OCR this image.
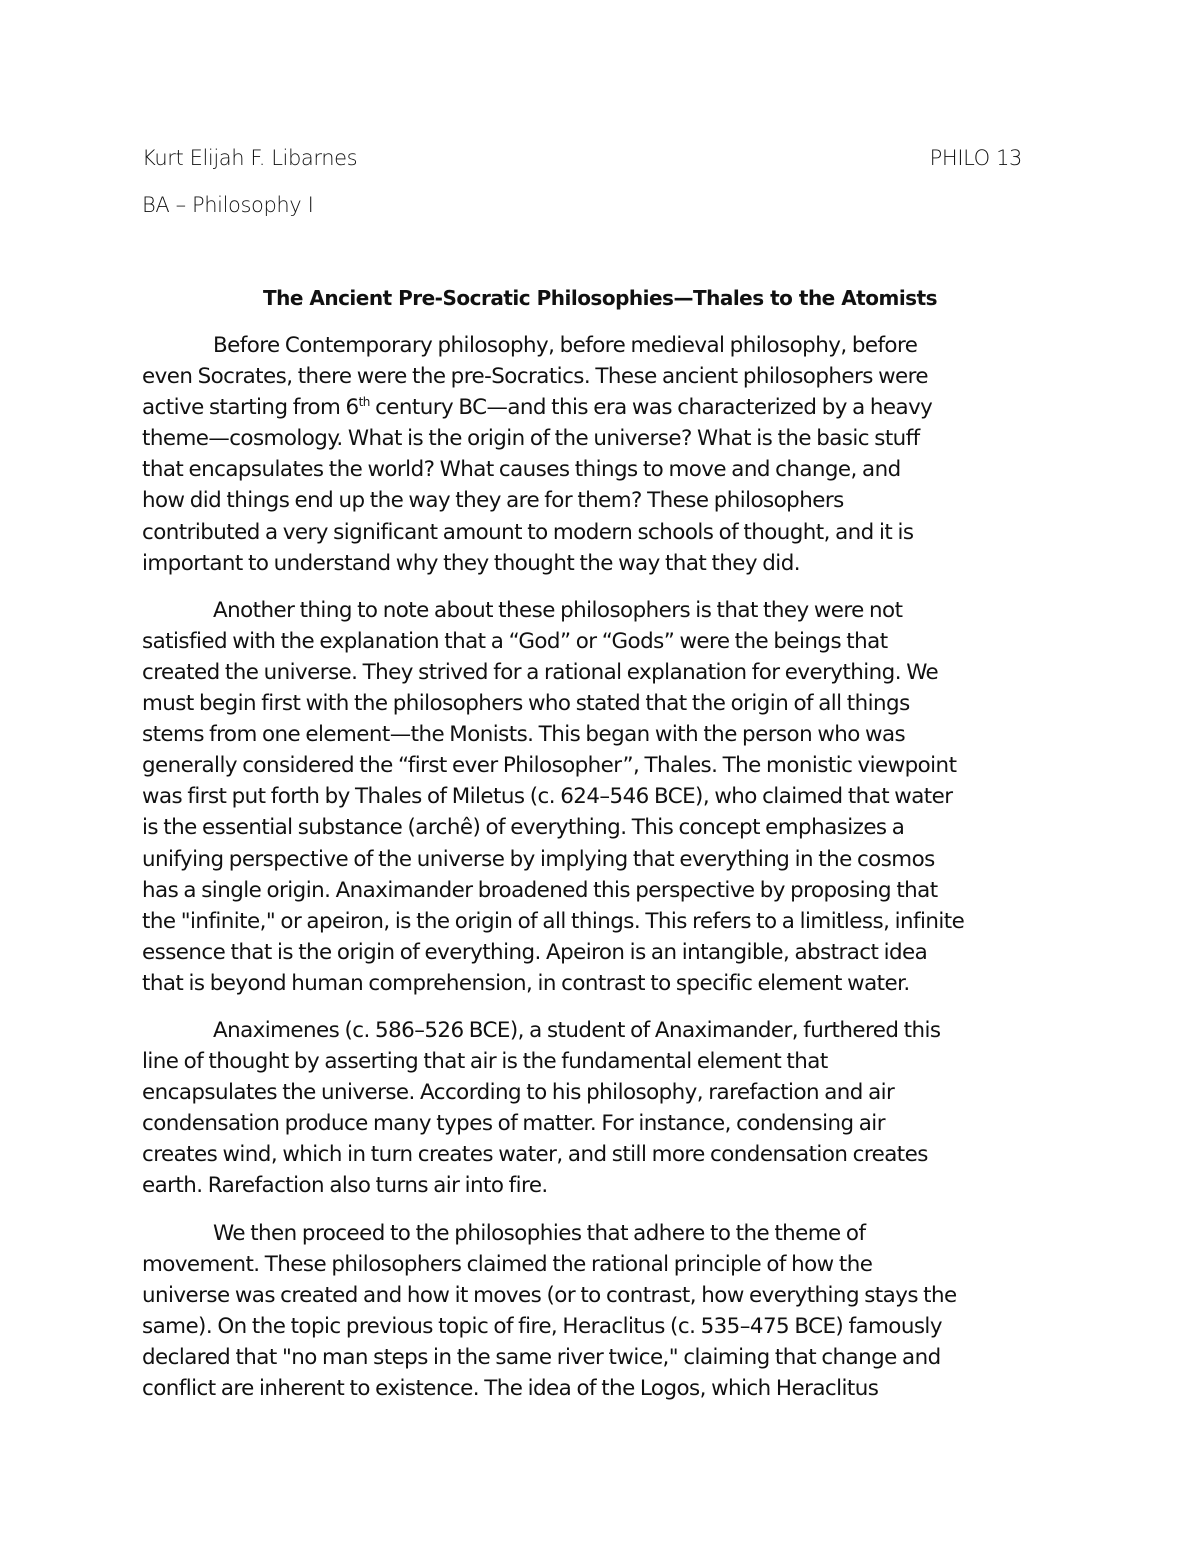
Kurt Elijah F. Libarnes	PHILO 13
BA – Philosophy I
The Ancient Pre-Socratic Philosophies—Thales to the Atomists
Before Contemporary philosophy, before medieval philosophy, before
even Socrates, there were the pre-Socratics. These ancient philosophers were
active starting from 6th century BC—and this era was characterized by a heavy
theme—cosmology. What is the origin of the universe? What is the basic stuff
that encapsulates the world? What causes things to move and change, and
how did things end up the way they are for them? These philosophers
contributed a very significant amount to modern schools of thought, and it is
important to understand why they thought the way that they did.
Another thing to note about these philosophers is that they were not
satisfied with the explanation that a “God” or “Gods” were the beings that
created the universe. They strived for a rational explanation for everything. We
must begin first with the philosophers who stated that the origin of all things
stems from one element—the Monists. This began with the person who was
generally considered the “first ever Philosopher”, Thales. The monistic viewpoint
was first put forth by Thales of Miletus (c. 624–546 BCE), who claimed that water
is the essential substance (archê) of everything. This concept emphasizes a
unifying perspective of the universe by implying that everything in the cosmos
has a single origin. Anaximander broadened this perspective by proposing that
the "infinite," or apeiron, is the origin of all things. This refers to a limitless, infinite
essence that is the origin of everything. Apeiron is an intangible, abstract idea
that is beyond human comprehension, in contrast to specific element water.
Anaximenes (c. 586–526 BCE), a student of Anaximander, furthered this
line of thought by asserting that air is the fundamental element that
encapsulates the universe. According to his philosophy, rarefaction and air
condensation produce many types of matter. For instance, condensing air
creates wind, which in turn creates water, and still more condensation creates
earth. Rarefaction also turns air into fire.
We then proceed to the philosophies that adhere to the theme of
movement. These philosophers claimed the rational principle of how the
universe was created and how it moves (or to contrast, how everything stays the
same). On the topic previous topic of fire, Heraclitus (c. 535–475 BCE) famously
declared that "no man steps in the same river twice," claiming that change and
conflict are inherent to existence. The idea of the Logos, which Heraclitus
